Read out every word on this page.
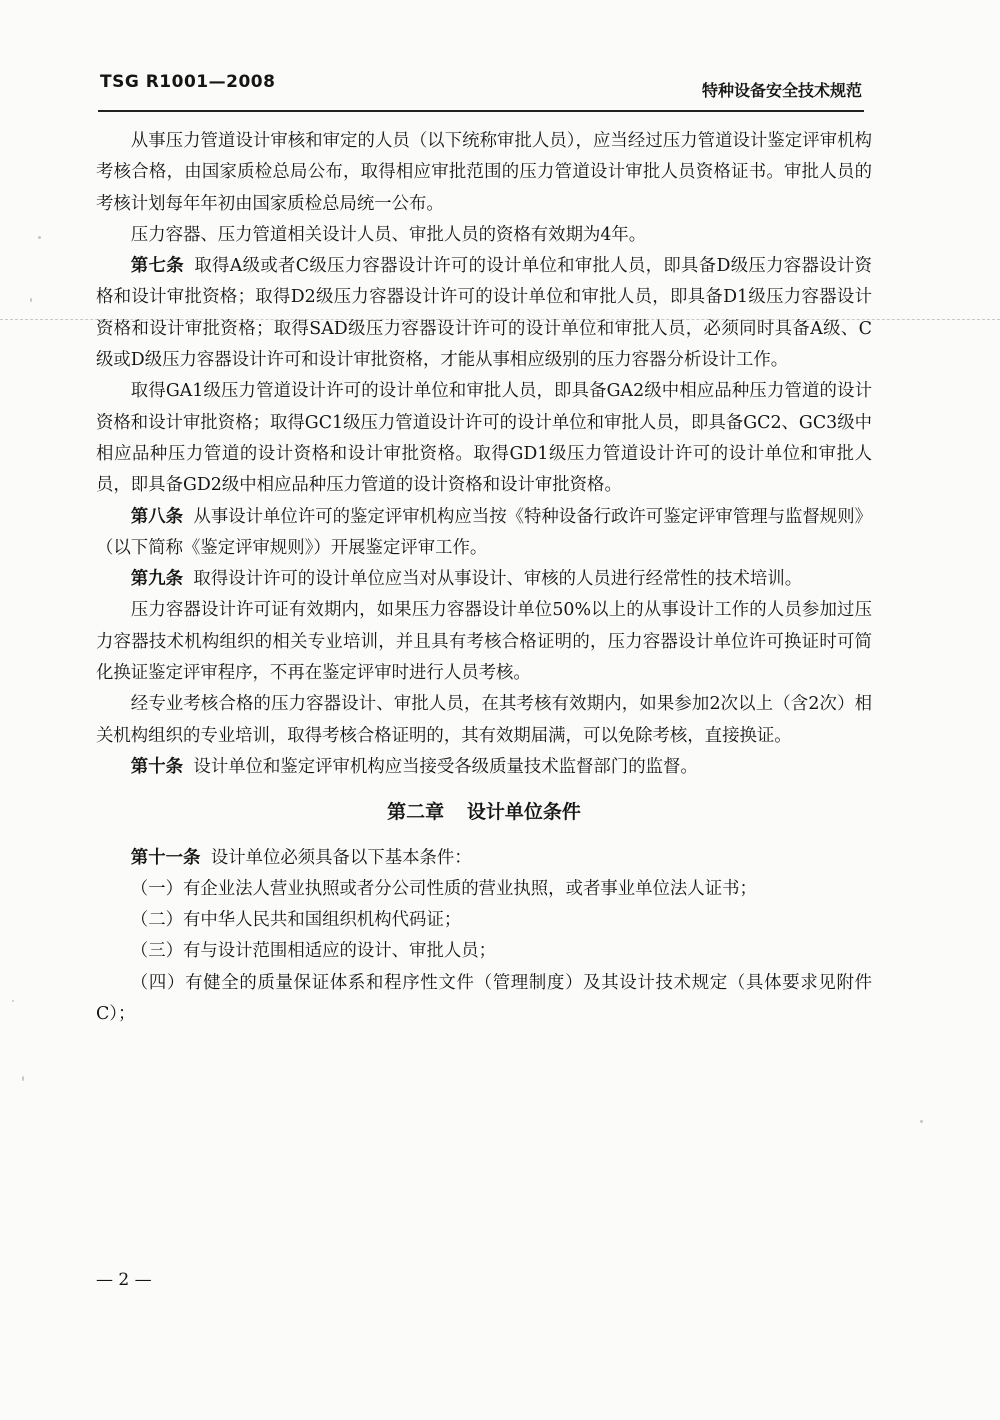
TSG R1001—2008	特种设备安全技术规范

从事压力管道设计审核和审定的人员（以下统称审批人员），应当经过压力管道设计鉴定评审机构考核合格，由国家质检总局公布，取得相应审批范围的压力管道设计审批人员资格证书。审批人员的考核计划每年年初由国家质检总局统一公布。

压力容器、压力管道相关设计人员、审批人员的资格有效期为4年。

第七条 取得A级或者C级压力容器设计许可的设计单位和审批人员，即具备D级压力容器设计资格和设计审批资格；取得D2级压力容器设计许可的设计单位和审批人员，即具备D1级压力容器设计资格和设计审批资格；取得SAD级压力容器设计许可的设计单位和审批人员，必须同时具备A级、C级或D级压力容器设计许可和设计审批资格，才能从事相应级别的压力容器分析设计工作。

取得GA1级压力管道设计许可的设计单位和审批人员，即具备GA2级中相应品种压力管道的设计资格和设计审批资格；取得GC1级压力管道设计许可的设计单位和审批人员，即具备GC2、GC3级中相应品种压力管道的设计资格和设计审批资格。取得GD1级压力管道设计许可的设计单位和审批人员，即具备GD2级中相应品种压力管道的设计资格和设计审批资格。

第八条 从事设计单位许可的鉴定评审机构应当按《特种设备行政许可鉴定评审管理与监督规则》（以下简称《鉴定评审规则》）开展鉴定评审工作。

第九条 取得设计许可的设计单位应当对从事设计、审核的人员进行经常性的技术培训。

压力容器设计许可证有效期内，如果压力容器设计单位50%以上的从事设计工作的人员参加过压力容器技术机构组织的相关专业培训，并且具有考核合格证明的，压力容器设计单位许可换证时可简化换证鉴定评审程序，不再在鉴定评审时进行人员考核。

经专业考核合格的压力容器设计、审批人员，在其考核有效期内，如果参加2次以上（含2次）相关机构组织的专业培训，取得考核合格证明的，其有效期届满，可以免除考核，直接换证。

第十条 设计单位和鉴定评审机构应当接受各级质量技术监督部门的监督。

第二章 设计单位条件

第十一条 设计单位必须具备以下基本条件：

（一）有企业法人营业执照或者分公司性质的营业执照，或者事业单位法人证书；

（二）有中华人民共和国组织机构代码证；

（三）有与设计范围相适应的设计、审批人员；

（四）有健全的质量保证体系和程序性文件（管理制度）及其设计技术规定（具体要求见附件C）；

— 2 —
